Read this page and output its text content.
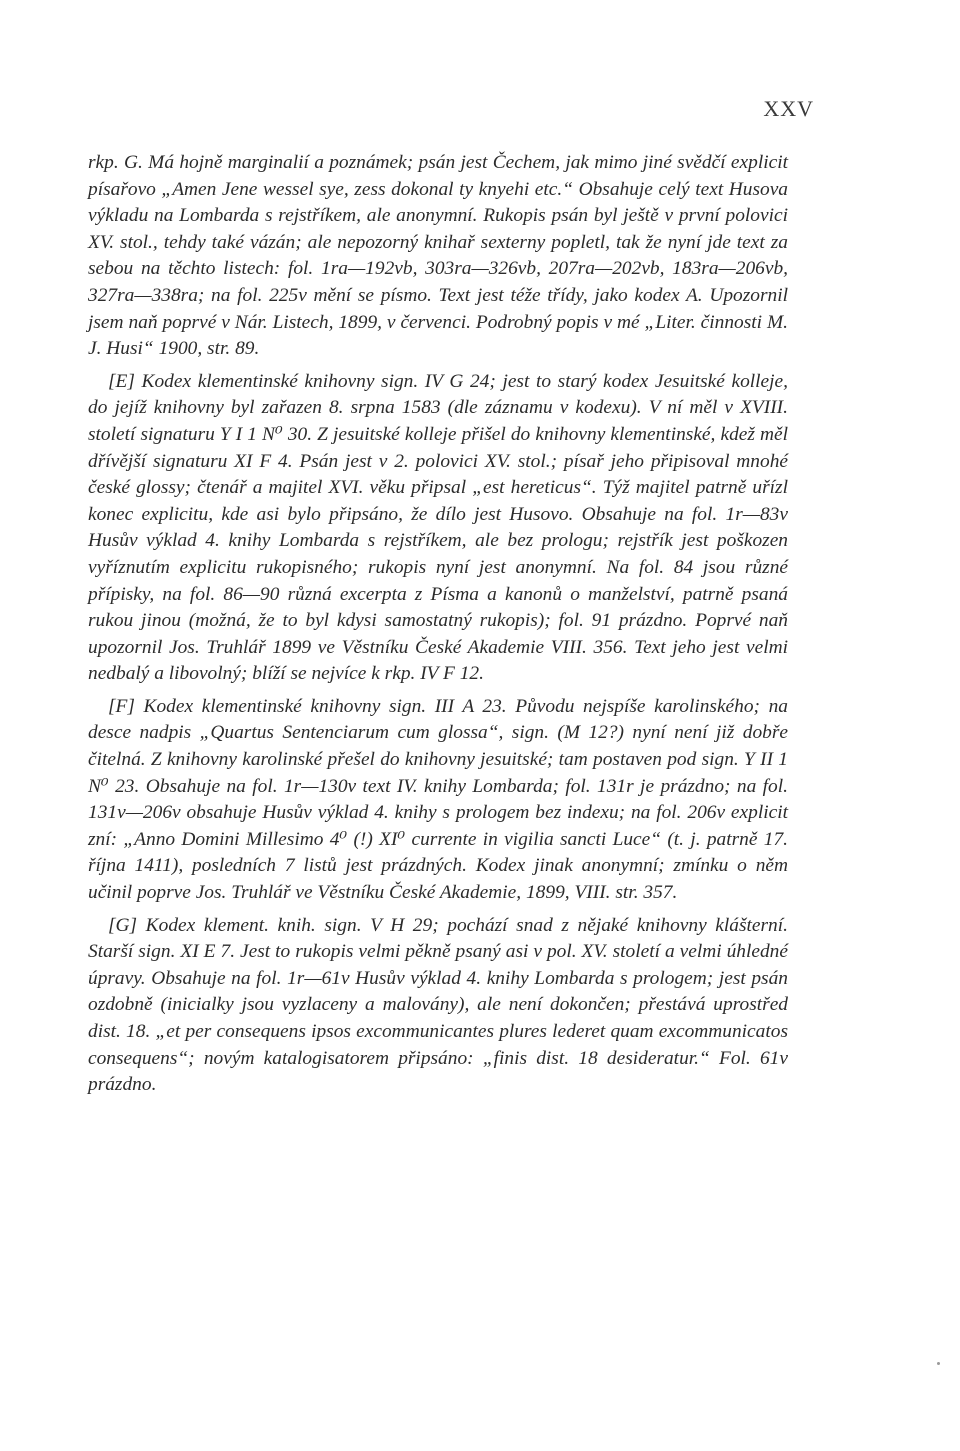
XXV

rkp. G. Má hojně marginalií a poznámek; psán jest Čechem, jak mimo jiné svědčí explicit písařovo „Amen Jene wessel sye, zess dokonal ty knyehi etc.“ Obsahuje celý text Husova výkladu na Lombarda s rejstříkem, ale anonymní. Rukopis psán byl ještě v první polovici XV. stol., tehdy také vázán; ale nepozorný knihař sexterny popletl, tak že nyní jde text za sebou na těchto listech: fol. 1ra—192vb, 303ra—326vb, 207ra—202vb, 183ra—206vb, 327ra—338ra; na fol. 225v mění se písmo. Text jest téže třídy, jako kodex A. Upozornil jsem naň poprvé v Nár. Listech, 1899, v červenci. Podrobný popis v mé „Liter. činnosti M. J. Husi“ 1900, str. 89.

[E] Kodex klementinské knihovny sign. IV G 24; jest to starý kodex Jesuitské kolleje, do jejíž knihovny byl zařazen 8. srpna 1583 (dle záznamu v kodexu). V ní měl v XVIII. století signaturu Y I 1 N⁰ 30. Z jesuitské kolleje přišel do knihovny klementinské, kdež měl dřívější signaturu XI F 4. Psán jest v 2. polovici XV. stol.; písař jeho připisoval mnohé české glossy; čtenář a majitel XVI. věku připsal „est hereticus“. Týž majitel patrně uřízl konec explicitu, kde asi bylo připsáno, že dílo jest Husovo. Obsahuje na fol. 1r—83v Husův výklad 4. knihy Lombarda s rejstříkem, ale bez prologu; rejstřík jest poškozen vyříznutím explicitu rukopisného; rukopis nyní jest anonymní. Na fol. 84 jsou různé přípisky, na fol. 86—90 různá excerpta z Písma a kanonů o manželství, patrně psaná rukou jinou (možná, že to byl kdysi samostatný rukopis); fol. 91 prázdno. Poprvé naň upozornil Jos. Truhlář 1899 ve Věstníku České Akademie VIII. 356. Text jeho jest velmi nedbalý a libovolný; blíží se nejvíce k rkp. IV F 12.

[F] Kodex klementinské knihovny sign. III A 23. Původu nejspíše karolinského; na desce nadpis „Quartus Sentenciarum cum glossa“, sign. (M 12?) nyní není již dobře čitelná. Z knihovny karolinské přešel do knihovny jesuitské; tam postaven pod sign. Y II 1 N⁰ 23. Obsahuje na fol. 1r—130v text IV. knihy Lombarda; fol. 131r je prázdno; na fol. 131v—206v obsahuje Husův výklad 4. knihy s prologem bez indexu; na fol. 206v explicit zní: „Anno Domini Millesimo 4⁰ (!) XI⁰ currente in vigilia sancti Luce“ (t. j. patrně 17. října 1411), posledních 7 listů jest prázdných. Kodex jinak anonymní; zmínku o něm učinil poprve Jos. Truhlář ve Věstníku České Akademie, 1899, VIII. str. 357.

[G] Kodex klement. knih. sign. V H 29; pochází snad z nějaké knihovny klášterní. Starší sign. XI E 7. Jest to rukopis velmi pěkně psaný asi v pol. XV. století a velmi úhledné úpravy. Obsahuje na fol. 1r—61v Husův výklad 4. knihy Lombarda s prologem; jest psán ozdobně (inicialky jsou vyzlaceny a malovány), ale není dokončen; přestává uprostřed dist. 18. „et per consequens ipsos excommunicantes plures lederet quam excommunicatos consequens“; novým katalogisatorem připsáno: „finis dist. 18 desideratur.“ Fol. 61v prázdno.
